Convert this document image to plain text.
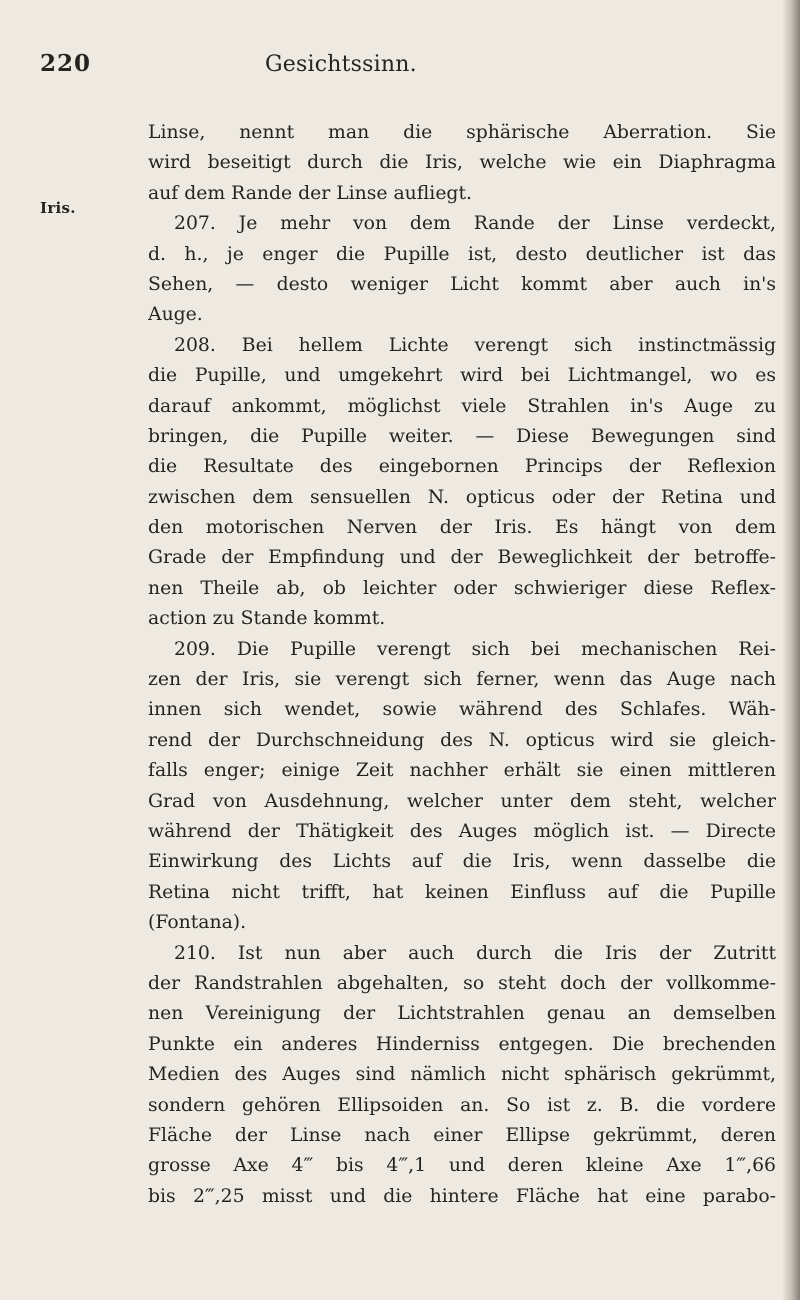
220	Gesichtssinn.
Iris.
Linse, nennt man die sphärische Aberration. Sie
wird beseitigt durch die Iris, welche wie ein Diaphragma
auf dem Rande der Linse aufliegt.
207. Je mehr von dem Rande der Linse verdeckt,
d. h., je enger die Pupille ist, desto deutlicher ist das
Sehen, — desto weniger Licht kommt aber auch in's
Auge.
208. Bei hellem Lichte verengt sich instinctmässig
die Pupille, und umgekehrt wird bei Lichtmangel, wo es
darauf ankommt, möglichst viele Strahlen in's Auge zu
bringen, die Pupille weiter. — Diese Bewegungen sind
die Resultate des eingebornen Princips der Reflexion
zwischen dem sensuellen N. opticus oder der Retina und
den motorischen Nerven der Iris. Es hängt von dem
Grade der Empfindung und der Beweglichkeit der betroffe-
nen Theile ab, ob leichter oder schwieriger diese Reflex-
action zu Stande kommt.
209. Die Pupille verengt sich bei mechanischen Rei-
zen der Iris, sie verengt sich ferner, wenn das Auge nach
innen sich wendet, sowie während des Schlafes. Wäh-
rend der Durchschneidung des N. opticus wird sie gleich-
falls enger; einige Zeit nachher erhält sie einen mittleren
Grad von Ausdehnung, welcher unter dem steht, welcher
während der Thätigkeit des Auges möglich ist. — Directe
Einwirkung des Lichts auf die Iris, wenn dasselbe die
Retina nicht trifft, hat keinen Einfluss auf die Pupille
(Fontana).
210. Ist nun aber auch durch die Iris der Zutritt
der Randstrahlen abgehalten, so steht doch der vollkomme-
nen Vereinigung der Lichtstrahlen genau an demselben
Punkte ein anderes Hinderniss entgegen. Die brechenden
Medien des Auges sind nämlich nicht sphärisch gekrümmt,
sondern gehören Ellipsoiden an. So ist z. B. die vordere
Fläche der Linse nach einer Ellipse gekrümmt, deren
grosse Axe 4‴ bis 4‴,1 und deren kleine Axe 1‴,66
bis 2‴,25 misst und die hintere Fläche hat eine parabo-
